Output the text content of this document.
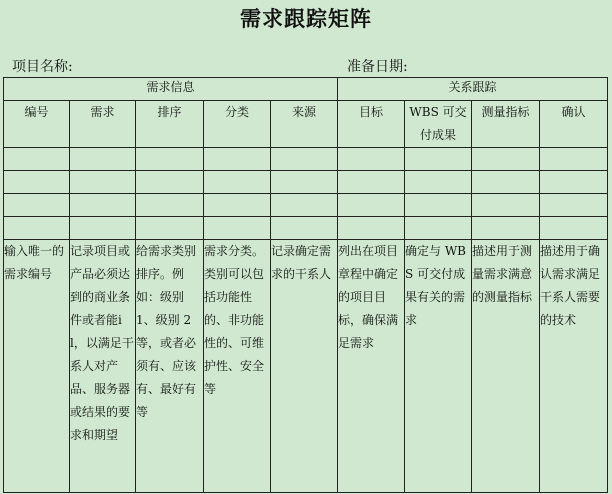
需求跟踪矩阵
项目名称:	准备日期:
需求信息					关系跟踪			
编号	需求	排序	分类	来源	目标	WBS 可交付成果	测量指标	确认

输入唯一的需求编号	记录项目或产品必须达到的商业条件或者能il，以满足干系人对产品、服务器或结果的要求和期望	给需求类别排序。例如：级别 1、级别 2 等，或者必须有、应该有、最好有等	需求分类。类别可以包括功能性的、非功能性的、可维护性、安全等	记录确定需求的干系人	列出在项目章程中确定的项目目标，确保满足需求	确定与 WBS 可交付成果有关的需求	描述用于测量需求满意的测量指标	描述用于确认需求满足干系人需要的技术
